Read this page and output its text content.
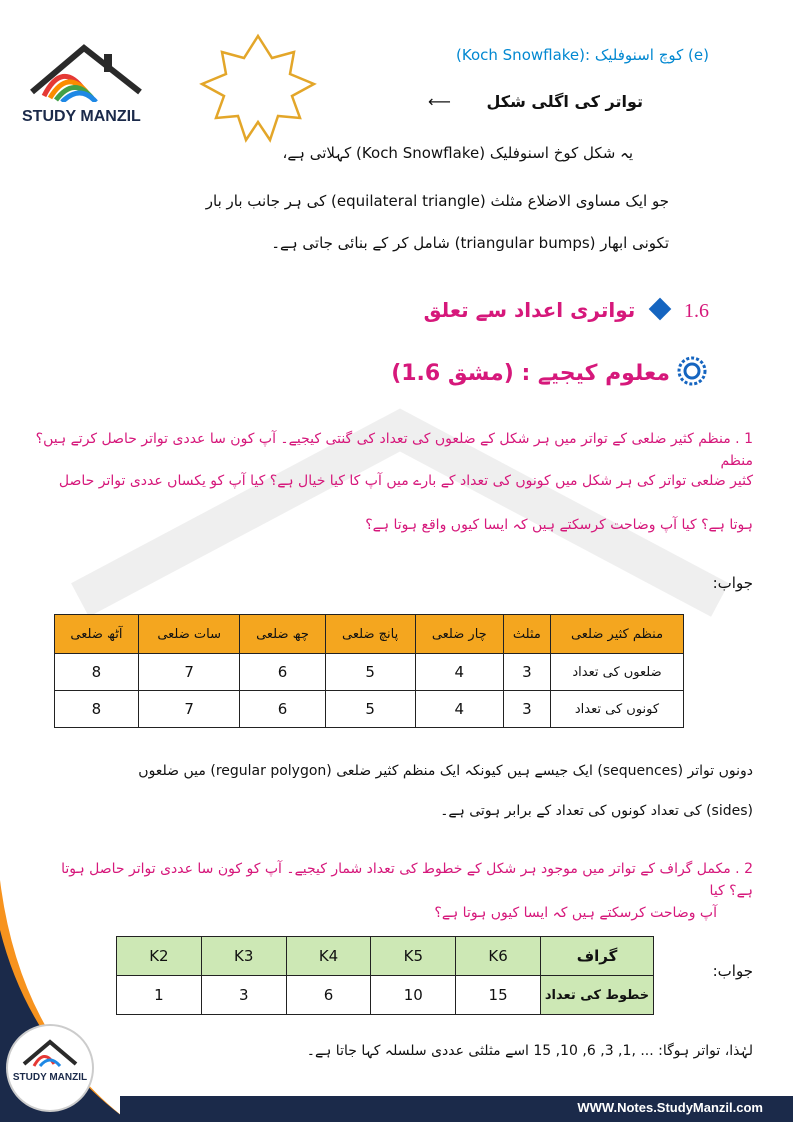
STUDY MANZIL
(e) کوچ اسنوفلیک :(Koch Snowflake)
تواتر کی اگلی شکل ⟵
یہ شکل کوخ اسنوفلیک (Koch Snowflake) کہلاتی ہے،
جو ایک مساوی الاضلاع مثلث (equilateral triangle) کی ہر جانب بار بار
تکونی ابھار (triangular bumps) شامل کر کے بنائی جاتی ہے۔
1.6  تواتری اعداد سے تعلق
معلوم کیجیے : (مشق 1.6)
1 . منظم کثیر ضلعی کے تواتر میں ہر شکل کے ضلعوں کی تعداد کی گنتی کیجیے۔ آپ کون سا عددی تواتر حاصل کرتے ہیں؟ منظم
کثیر ضلعی تواتر کی ہر شکل میں کونوں کی تعداد کے بارے میں آپ کا کیا خیال ہے؟ کیا آپ کو یکساں عددی تواتر حاصل
ہوتا ہے؟ کیا آپ وضاحت کرسکتے ہیں کہ ایسا کیوں واقع ہوتا ہے؟
جواب:
منظم کثیر ضلعی	مثلث	چار ضلعی	پانچ ضلعی	چھ ضلعی	سات ضلعی	آٹھ ضلعی
ضلعوں کی تعداد	3	4	5	6	7	8
کونوں کی تعداد	3	4	5	6	7	8
دونوں تواتر (sequences) ایک جیسے ہیں کیونکہ ایک منظم کثیر ضلعی (regular polygon) میں ضلعوں
(sides) کی تعداد کونوں کی تعداد کے برابر ہوتی ہے۔
2 . مکمل گراف کے تواتر میں موجود ہر شکل کے خطوط کی تعداد شمار کیجیے۔ آپ کو کون سا عددی تواتر حاصل ہوتا ہے؟ کیا
آپ وضاحت کرسکتے ہیں کہ ایسا کیوں ہوتا ہے؟
جواب:
گراف	K6	K5	K4	K3	K2
خطوط کی تعداد	15	10	6	3	1
لہٰذا، تواتر ہوگا: ... ,1, 3, 6, 10, 15 اسے مثلثی عددی سلسلہ کہا جاتا ہے۔
STUDY MANZIL
WWW.Notes.StudyManzil.com
